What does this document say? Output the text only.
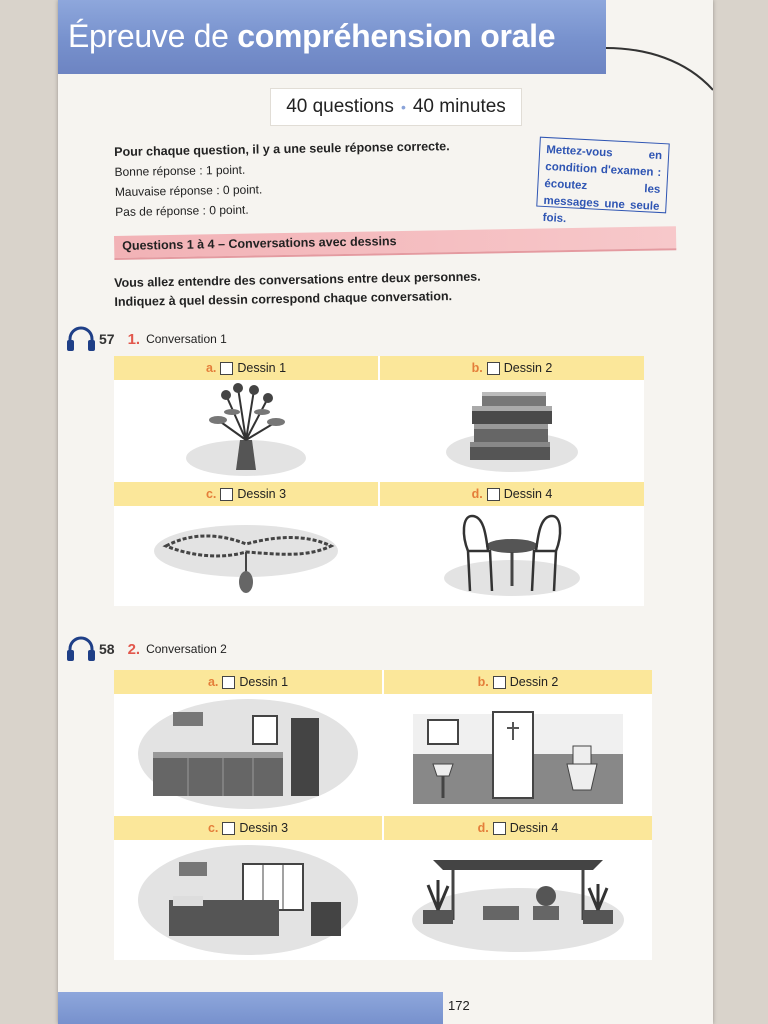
Épreuve de compréhension orale
40 questions • 40 minutes
Pour chaque question, il y a une seule réponse correcte.
Bonne réponse : 1 point.
Mauvaise réponse : 0 point.
Pas de réponse : 0 point.
Mettez-vous en condition d'examen : écoutez les messages une seule fois.
Questions 1 à 4 – Conversations avec dessins
Vous allez entendre des conversations entre deux personnes.
Indiquez à quel dessin correspond chaque conversation.
57 1. Conversation 1
a. Dessin 1	b. Dessin 2
c. Dessin 3	d. Dessin 4
58 2. Conversation 2
a. Dessin 1	b. Dessin 2
c. Dessin 3	d. Dessin 4
172
